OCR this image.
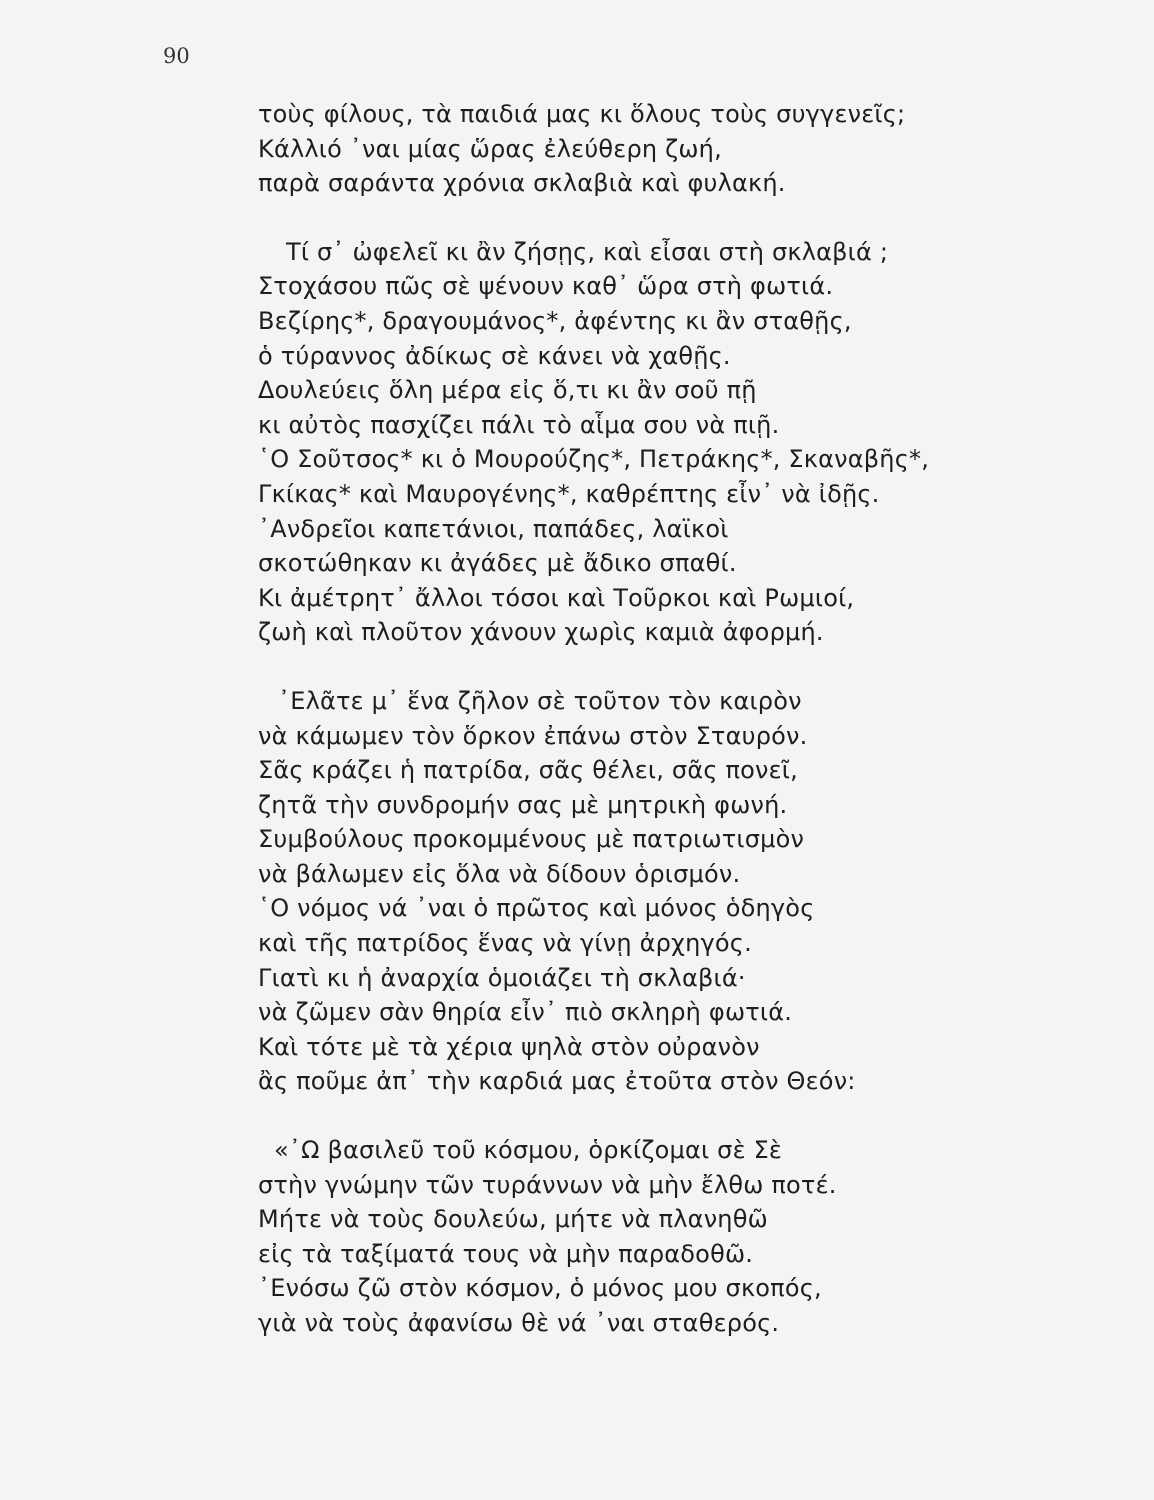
90
τοὺς φίλους, τὰ παιδιά μας κι ὅλους τοὺς συγγενεῖς;
Κάλλιό ᾽ναι μίας ὥρας ἐλεύθερη ζωή,
παρὰ σαράντα χρόνια σκλαβιὰ καὶ φυλακή.
Τί σ᾽ ὠφελεῖ κι ἂν ζήσῃς, καὶ εἶσαι στὴ σκλαβιά ;
Στοχάσου πῶς σὲ ψένουν καθ᾽ ὥρα στὴ φωτιά.
Βεζίρης*, δραγουμάνος*, ἀφέντης κι ἂν σταθῇς,
ὁ τύραννος ἀδίκως σὲ κάνει νὰ χαθῇς.
Δουλεύεις ὅλη μέρα εἰς ὅ,τι κι ἂν σοῦ πῇ
κι αὐτὸς πασχίζει πάλι τὸ αἷμα σου νὰ πιῇ.
῾Ο Σοῦτσος* κι ὁ Μουρούζης*, Πετράκης*, Σκαναβῆς*,
Γκίκας* καὶ Μαυρογένης*, καθρέπτης εἶν᾽ νὰ ἰδῇς.
᾽Ανδρεῖοι καπετάνιοι, παπάδες, λαϊκοὶ
σκοτώθηκαν κι ἀγάδες μὲ ἄδικο σπαθί.
Κι ἀμέτρητ᾽ ἄλλοι τόσοι καὶ Τοῦρκοι καὶ Ρωμιοί,
ζωὴ καὶ πλοῦτον χάνουν χωρὶς καμιὰ ἀφορμή.
᾽Ελᾶτε μ᾽ ἕνα ζῆλον σὲ τοῦτον τὸν καιρὸν
νὰ κάμωμεν τὸν ὅρκον ἐπάνω στὸν Σταυρόν.
Σᾶς κράζει ἡ πατρίδα, σᾶς θέλει, σᾶς πονεῖ,
ζητᾶ τὴν συνδρομήν σας μὲ μητρικὴ φωνή.
Συμβούλους προκομμένους μὲ πατριωτισμὸν
νὰ βάλωμεν εἰς ὅλα νὰ δίδουν ὁρισμόν.
῾Ο νόμος νά ᾽ναι ὁ πρῶτος καὶ μόνος ὁδηγὸς
καὶ τῆς πατρίδος ἕνας νὰ γίνῃ ἀρχηγός.
Γιατὶ κι ἡ ἀναρχία ὁμοιάζει τὴ σκλαβιά·
νὰ ζῶμεν σὰν θηρία εἶν᾽ πιὸ σκληρὴ φωτιά.
Καὶ τότε μὲ τὰ χέρια ψηλὰ στὸν οὐρανὸν
ἂς ποῦμε ἀπ᾽ τὴν καρδιά μας ἐτοῦτα στὸν Θεόν:
«᾽Ω βασιλεῦ τοῦ κόσμου, ὁρκίζομαι σὲ Σὲ
στὴν γνώμην τῶν τυράννων νὰ μὴν ἔλθω ποτέ.
Μήτε νὰ τοὺς δουλεύω, μήτε νὰ πλανηθῶ
εἰς τὰ ταξίματά τους νὰ μὴν παραδοθῶ.
᾽Ενόσω ζῶ στὸν κόσμον, ὁ μόνος μου σκοπός,
γιὰ νὰ τοὺς ἀφανίσω θὲ νά ᾽ναι σταθερός.
